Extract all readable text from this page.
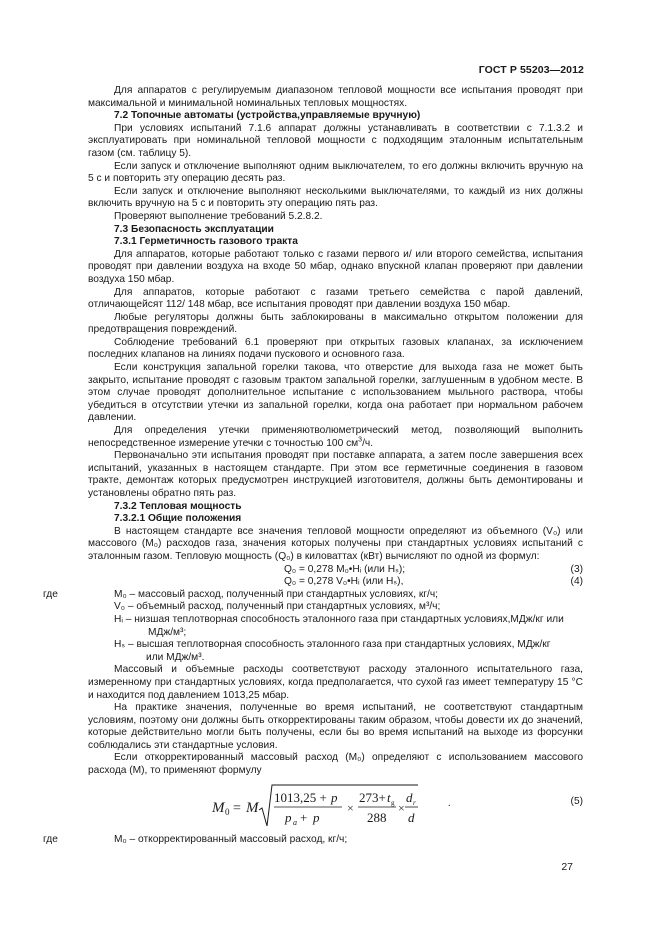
ГОСТ Р 55203—2012

Для аппаратов с регулируемым диапазоном тепловой мощности все испытания проводят при максимальной и минимальной номинальных тепловых мощностях.

7.2 Топочные автоматы (устройства,управляемые вручную)

При условиях испытаний 7.1.6 аппарат должны устанавливать в соответствии с 7.1.3.2 и эксплуатировать при номинальной тепловой мощности с подходящим эталонным испытательным газом (см. таблицу 5).

Если запуск и отключение выполняют одним выключателем, то его должны включить вручную на 5 с и повторить эту операцию десять раз.

Если запуск и отключение выполняют несколькими выключателями, то каждый из них должны включить вручную на 5 с и повторить эту операцию пять раз.

Проверяют выполнение требований 5.2.8.2.

7.3 Безопасность эксплуатации

7.3.1 Герметичность газового тракта

Для аппаратов, которые работают только с газами первого и/ или второго семейства, испытания проводят при давлении воздуха на входе 50 мбар, однако впускной клапан проверяют при давлении воздуха 150 мбар.

Для аппаратов, которые работают с газами третьего семейства с парой давлений, отличающейсят 112/ 148 мбар, все испытания проводят при давлении воздуха 150 мбар.

Любые регуляторы должны быть заблокированы в максимально открытом положении для предотвращения повреждений.

Соблюдение требований 6.1 проверяют при открытых газовых клапанах, за исключением последних клапанов на линиях подачи пускового и основного газа.

Если конструкция запальной горелки такова, что отверстие для выхода газа не может быть закрыто, испытание проводят с газовым трактом запальной горелки, заглушенным в удобном месте. В этом случае проводят дополнительное испытание с использованием мыльного раствора, чтобы убедиться в отсутствии утечки из запальной горелки, когда она работает при нормальном рабочем давлении.

Для определения утечки применяютволюметрический метод, позволяющий выполнить непосредственное измерение утечки с точностью 100 $см^3/ч$.

Первоначально эти испытания проводят при поставке аппарата, а затем после завершения всех испытаний, указанных в настоящем стандарте. При этом все герметичные соединения в газовом тракте, демонтаж которых предусмотрен инструкцией изготовителя, должны быть демонтированы и установлены обратно пять раз.

7.3.2 Тепловая мощность

7.3.2.1 Общие положения

В настоящем стандарте все значения тепловой мощности определяют из объемного (V₀) или массового (M₀) расходов газа, значения которых получены при стандартных условиях испытаний с эталонным газом. Тепловую мощность (Q₀) в киловаттах (кВт) вычисляют по одной из формул:

Q₀ = 0,278 M₀•Hᵢ (или Hₛ);	(3)
Q₀ = 0,278 V₀•Hᵢ (или Hₛ),	(4)
где	M₀ – массовый расход, полученный при стандартных условиях, кг/ч;

V₀ – объемный расход, полученный при стандартных условиях, м³/ч;

Hᵢ – низшая теплотворная способность эталонного газа при стандартных условиях,МДж/кг или
МДж/м³;

Hₛ – высшая теплотворная способность эталонного газа при стандартных условиях, МДж/кг
или МДж/м³.

Массовый и объемные расходы соответствуют расходу эталонного испытательного газа, измеренному при стандартных условиях, когда предполагается, что сухой газ имеет температуру 15 °С и находится под давлением 1013,25 мбар.

На практике значения, полученные во время испытаний, не соответствуют стандартным условиям, поэтому они должны быть откорректированы таким образом, чтобы довести их до значений, которые действительно могли быть получены, если бы во время испытаний на выходе из форсунки соблюдались эти стандартные условия.

Если откорректированный массовый расход (M₀) определяют с использованием массового расхода (M), то применяют формулу

M 0 = M
1013,25 + p
p a + p
×
273+ t g
288
×
d r
d
.	(5)
где	M₀ – откорректированный массовый расход, кг/ч;

27
